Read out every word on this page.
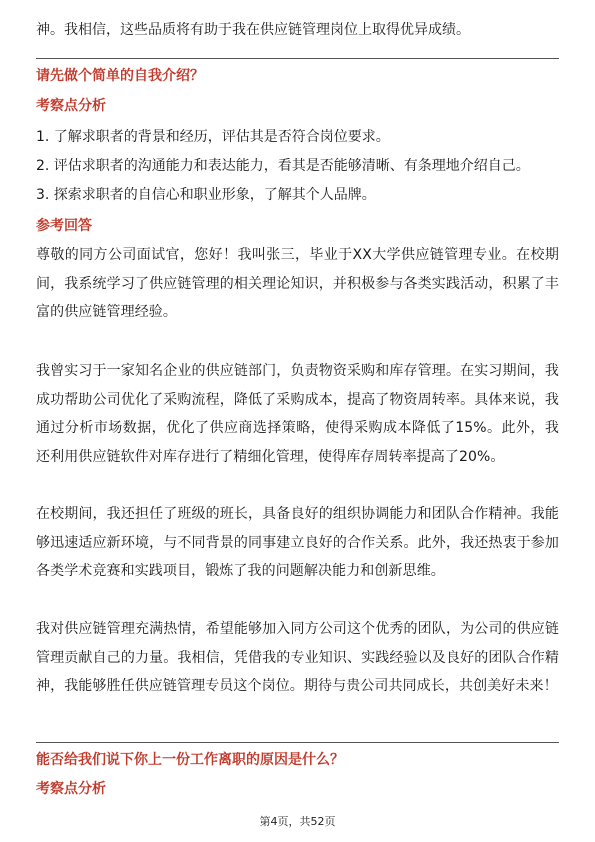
神。我相信，这些品质将有助于我在供应链管理岗位上取得优异成绩。
请先做个简单的自我介绍？
考察点分析
1. 了解求职者的背景和经历，评估其是否符合岗位要求。
2. 评估求职者的沟通能力和表达能力，看其是否能够清晰、有条理地介绍自己。
3. 探索求职者的自信心和职业形象，了解其个人品牌。
参考回答
尊敬的同方公司面试官，您好！我叫张三，毕业于XX大学供应链管理专业。在校期间，我系统学习了供应链管理的相关理论知识，并积极参与各类实践活动，积累了丰富的供应链管理经验。
我曾实习于一家知名企业的供应链部门，负责物资采购和库存管理。在实习期间，我成功帮助公司优化了采购流程，降低了采购成本，提高了物资周转率。具体来说，我通过分析市场数据，优化了供应商选择策略，使得采购成本降低了15%。此外，我还利用供应链软件对库存进行了精细化管理，使得库存周转率提高了20%。
在校期间，我还担任了班级的班长，具备良好的组织协调能力和团队合作精神。我能够迅速适应新环境，与不同背景的同事建立良好的合作关系。此外，我还热衷于参加各类学术竞赛和实践项目，锻炼了我的问题解决能力和创新思维。
我对供应链管理充满热情，希望能够加入同方公司这个优秀的团队，为公司的供应链管理贡献自己的力量。我相信，凭借我的专业知识、实践经验以及良好的团队合作精神，我能够胜任供应链管理专员这个岗位。期待与贵公司共同成长，共创美好未来！
能否给我们说下你上一份工作离职的原因是什么？
考察点分析
第4页，共52页
